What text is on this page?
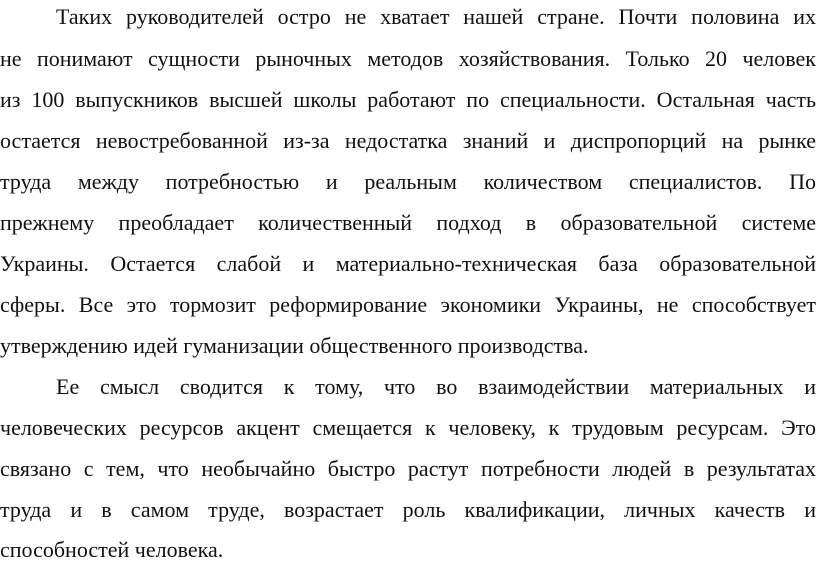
Таких руководителей остро не хватает нашей стране. Почти половина их
не понимают сущности рыночных методов хозяйствования. Только 20 человек
из 100 выпускников высшей школы работают по специальности. Остальная часть
остается невостребованной из-за недостатка знаний и диспропорций на рынке
труда между потребностью и реальным количеством специалистов. По
прежнему преобладает количественный подход в образовательной системе
Украины. Остается слабой и материально-техническая база образовательной
сферы. Все это тормозит реформирование экономики Украины, не способствует
утверждению идей гуманизации общественного производства.
Ее смысл сводится к тому, что во взаимодействии материальных и
человеческих ресурсов акцент смещается к человеку, к трудовым ресурсам. Это
связано с тем, что необычайно быстро растут потребности людей в результатах
труда и в самом труде, возрастает роль квалификации, личных качеств и
способностей человека.
